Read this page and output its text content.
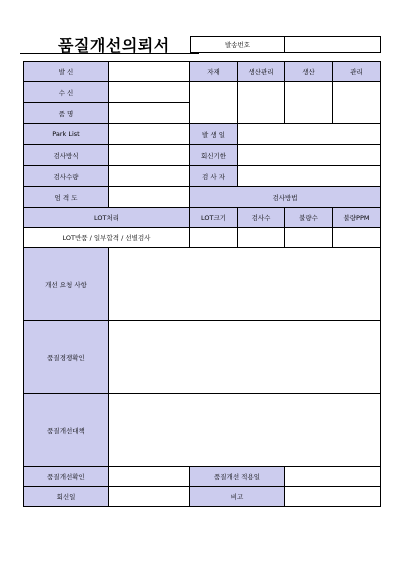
품질개선의뢰서	발송번호	
발 신		자재	생산관리	생산	관리
수 신					
품 명					
Park List		발 생 일			
검사방식		회신기한			
검사수량		검 사 자			
엄 격 도		검사방법			
LOT처리		LOT크기	검사수	불량수	불량PPM
LOT반품 / 일부합격 / 선별검사					
개선 요청 사항					
품질경쟁확인					
품질개선대책					
품질개선확인		품질개선 적용일			
회신일		비고			
